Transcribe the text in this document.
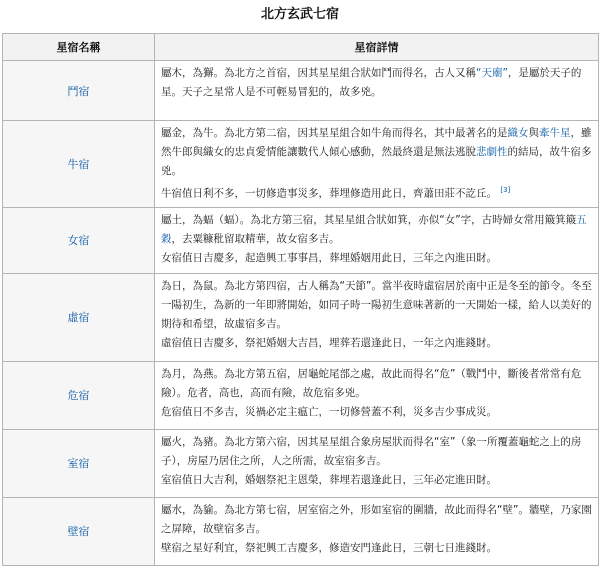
北方玄武七宿
星宿名稱	星宿詳情
鬥宿	屬木，為獬。為北方之首宿，因其星星組合狀如鬥而得名，古人又稱“天廟”，是屬於天子的星。天子之星常人是不可輕易冒犯的，故多兇。

牛宿	屬金，為牛。為北方第二宿，因其星星組合如牛角而得名，其中最著名的是織女與牽牛星，雖然牛郎與織女的忠貞愛情能讓數代人傾心感動，然最終還是無法逃脫悲劇性的結局，故牛宿多兇。

牛宿值日利不多，一切修造事災多，葬埋修造用此日，齊蕭田莊不訖丘。 [3]

女宿	屬土，為蝠（蝠）。為北方第三宿，其星星組合狀如箕，亦似“女”字，古時婦女常用簸箕簸五穀，去粟糠秕留取精華，故女宿多吉。

女宿值日吉慶多，起造興工事事昌，葬埋婚姻用此日，三年之內進田財。

虛宿	為日，為鼠。為北方第四宿，古人稱為“天節”。當半夜時虛宿居於南中正是冬至的節令。冬至一陽初生，為新的一年即將開始，如同子時一陽初生意味著新的一天開始一樣，給人以美好的期待和希望，故虛宿多吉。

虛宿值日吉慶多，祭祀婚姻大吉昌，埋葬若還逢此日，一年之內進錢財。

危宿	為月，為燕。為北方第五宿，居龜蛇尾部之處，故此而得名“危”（戰鬥中，斷後者常常有危險）。危者，高也，高而有險，故危宿多兇。

危宿值日不多吉，災禍必定主瘟亡，一切修營蓋不利，災多吉少事成災。

室宿	屬火，為豬。為北方第六宿，因其星星組合象房屋狀而得名“室”（象一所覆蓋龜蛇之上的房子），房屋乃居住之所，人之所需，故室宿多吉。

室宿值日大吉利，婚姻祭祀主恩榮，葬埋若還逢此日，三年必定進田財。

壁宿	屬水，為貐。為北方第七宿，居室宿之外，形如室宿的圍牆，故此而得名“壁”。牆壁，乃家園之屏障，故壁宿多吉。

壁宿之星好利宜，祭祀興工吉慶多，修造安門逢此日，三朝七日進錢財。
